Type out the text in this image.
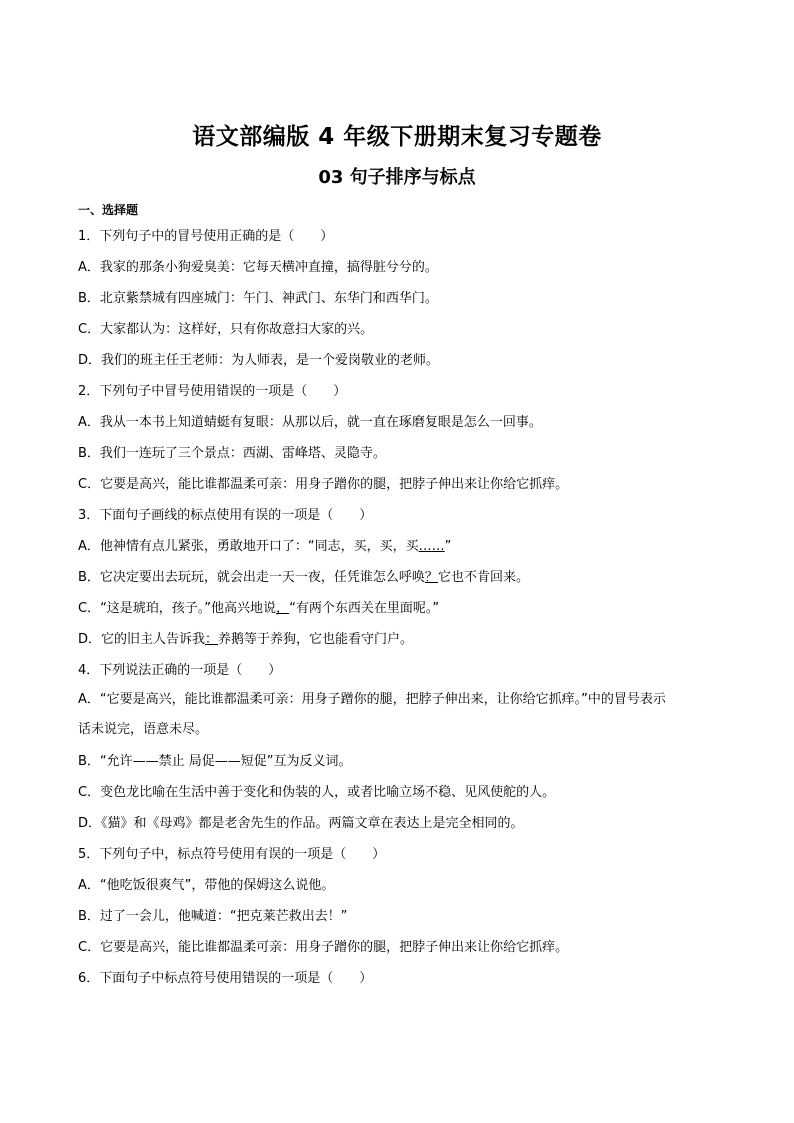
语文部编版 4 年级下册期末复习专题卷
03 句子排序与标点
一、选择题
1．下列句子中的冒号使用正确的是（　　）
A．我家的那条小狗爱臭美：它每天横冲直撞，搞得脏兮兮的。
B．北京紫禁城有四座城门：午门、神武门、东华门和西华门。
C．大家都认为：这样好，只有你故意扫大家的兴。
D．我们的班主任王老师：为人师表，是一个爱岗敬业的老师。
2．下列句子中冒号使用错误的一项是（　　）
A．我从一本书上知道蜻蜓有复眼：从那以后，就一直在琢磨复眼是怎么一回事。
B．我们一连玩了三个景点：西湖、雷峰塔、灵隐寺。
C．它要是高兴，能比谁都温柔可亲：用身子蹭你的腿，把脖子伸出来让你给它抓痒。
3．下面句子画线的标点使用有误的一项是（　　）
A．他神情有点儿紧张，勇敢地开口了：“同志，买，买，买……”
B．它决定要出去玩玩，就会出走一天一夜，任凭谁怎么呼唤？它也不肯回来。
C．“这是琥珀，孩子。”他高兴地说，“有两个东西关在里面呢。”
D．它的旧主人告诉我：养鹅等于养狗，它也能看守门户。
4．下列说法正确的一项是（　　）
A．“它要是高兴，能比谁都温柔可亲：用身子蹭你的腿，把脖子伸出来，让你给它抓痒。”中的冒号表示
话未说完，语意未尽。
B．“允许——禁止 局促——短促”互为反义词。
C．变色龙比喻在生活中善于变化和伪装的人，或者比喻立场不稳、见风使舵的人。
D．《猫》和《母鸡》都是老舍先生的作品。两篇文章在表达上是完全相同的。
5．下列句子中，标点符号使用有误的一项是（　　）
A．“他吃饭很爽气”，带他的保姆这么说他。
B．过了一会儿，他喊道：“把克莱芒救出去！”
C．它要是高兴，能比谁都温柔可亲：用身子蹭你的腿，把脖子伸出来让你给它抓痒。
6．下面句子中标点符号使用错误的一项是（　　）
